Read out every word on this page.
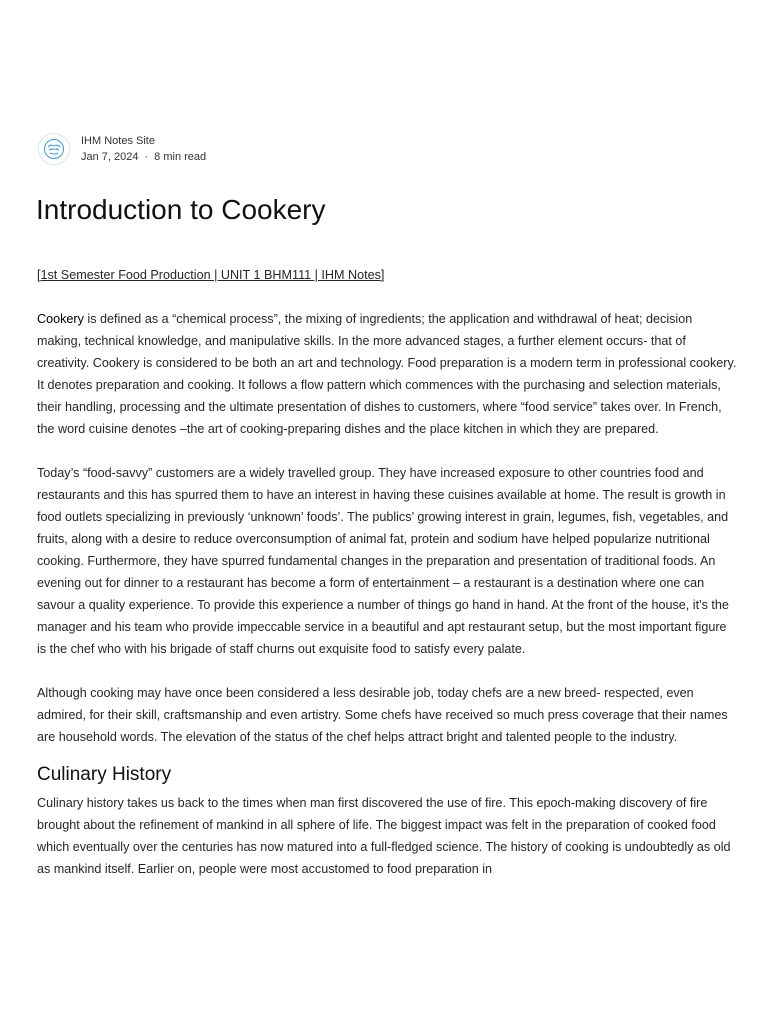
IHM Notes Site
Jan 7, 2024 · 8 min read
Introduction to Cookery

[1st Semester Food Production | UNIT 1 BHM111 | IHM Notes]

Cookery is defined as a “chemical process”, the mixing of ingredients; the application and withdrawal of heat; decision making, technical knowledge, and manipulative skills. In the more advanced stages, a further element occurs- that of creativity. Cookery is considered to be both an art and technology. Food preparation is a modern term in professional cookery. It denotes preparation and cooking. It follows a flow pattern which commences with the purchasing and selection materials, their handling, processing and the ultimate presentation of dishes to customers, where “food service” takes over. In French, the word cuisine denotes –the art of cooking-preparing dishes and the place kitchen in which they are prepared.

Today’s “food-savvy” customers are a widely travelled group. They have increased exposure to other countries food and restaurants and this has spurred them to have an interest in having these cuisines available at home. The result is growth in food outlets specializing in previously ‘unknown’ foods’. The publics’ growing interest in grain, legumes, fish, vegetables, and fruits, along with a desire to reduce overconsumption of animal fat, protein and sodium have helped popularize nutritional cooking. Furthermore, they have spurred fundamental changes in the preparation and presentation of traditional foods. An evening out for dinner to a restaurant has become a form of entertainment – a restaurant is a destination where one can savour a quality experience. To provide this experience a number of things go hand in hand. At the front of the house, it’s the manager and his team who provide impeccable service in a beautiful and apt restaurant setup, but the most important figure is the chef who with his brigade of staff churns out exquisite food to satisfy every palate.

Although cooking may have once been considered a less desirable job, today chefs are a new breed- respected, even admired, for their skill, craftsmanship and even artistry. Some chefs have received so much press coverage that their names are household words. The elevation of the status of the chef helps attract bright and talented people to the industry.

Culinary History

Culinary history takes us back to the times when man first discovered the use of fire. This epoch-making discovery of fire brought about the refinement of mankind in all sphere of life. The biggest impact was felt in the preparation of cooked food which eventually over the centuries has now matured into a full-fledged science. The history of cooking is undoubtedly as old as mankind itself. Earlier on, people were most accustomed to food preparation in
